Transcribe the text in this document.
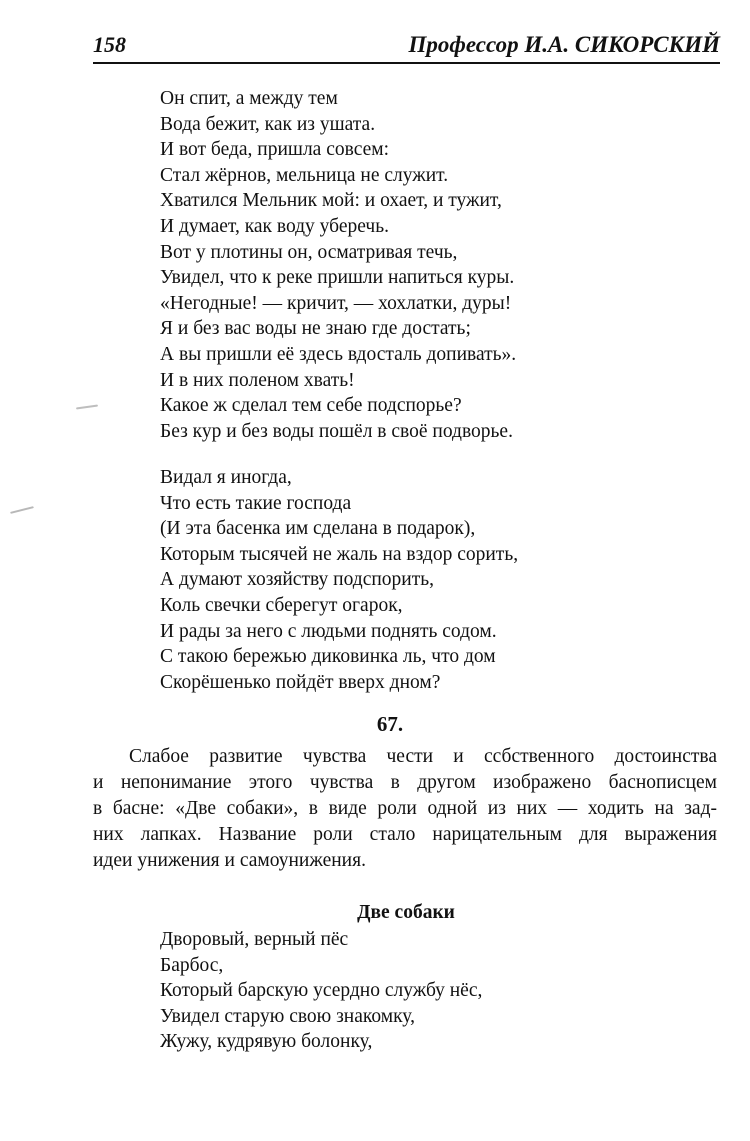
158	Профессор И.А. СИКОРСКИЙ
Он спит, а между тем
Вода бежит, как из ушата.
И вот беда, пришла совсем:
Стал жёрнов, мельница не служит.
Хватился Мельник мой: и охает, и тужит,
И думает, как воду уберечь.
Вот у плотины он, осматривая течь,
Увидел, что к реке пришли напиться куры.
«Негодные! — кричит, — хохлатки, дуры!
Я и без вас воды не знаю где достать;
А вы пришли её здесь вдосталь допивать».
И в них поленом хвать!
Какое ж сделал тем себе подспорье?
Без кур и без воды пошёл в своё подворье.
Видал я иногда,
Что есть такие господа
(И эта басенка им сделана в подарок),
Которым тысячей не жаль на вздор сорить,
А думают хозяйству подспорить,
Коль свечки сберегут огарок,
И рады за него с людьми поднять содом.
С такою бережью диковинка ль, что дом
Скорёшенько пойдёт вверх дном?
67.
Слабое развитие чувства чести и ссбственного достоинства
и непонимание этого чувства в другом изображено баснописцем
в басне: «Две собаки», в виде роли одной из них — ходить на зад-
них лапках. Название роли стало нарицательным для выражения
идеи унижения и самоунижения.
Две собаки
Дворовый, верный пёс
Барбос,
Который барскую усердно службу нёс,
Увидел старую свою знакомку,
Жужу, кудрявую болонку,
